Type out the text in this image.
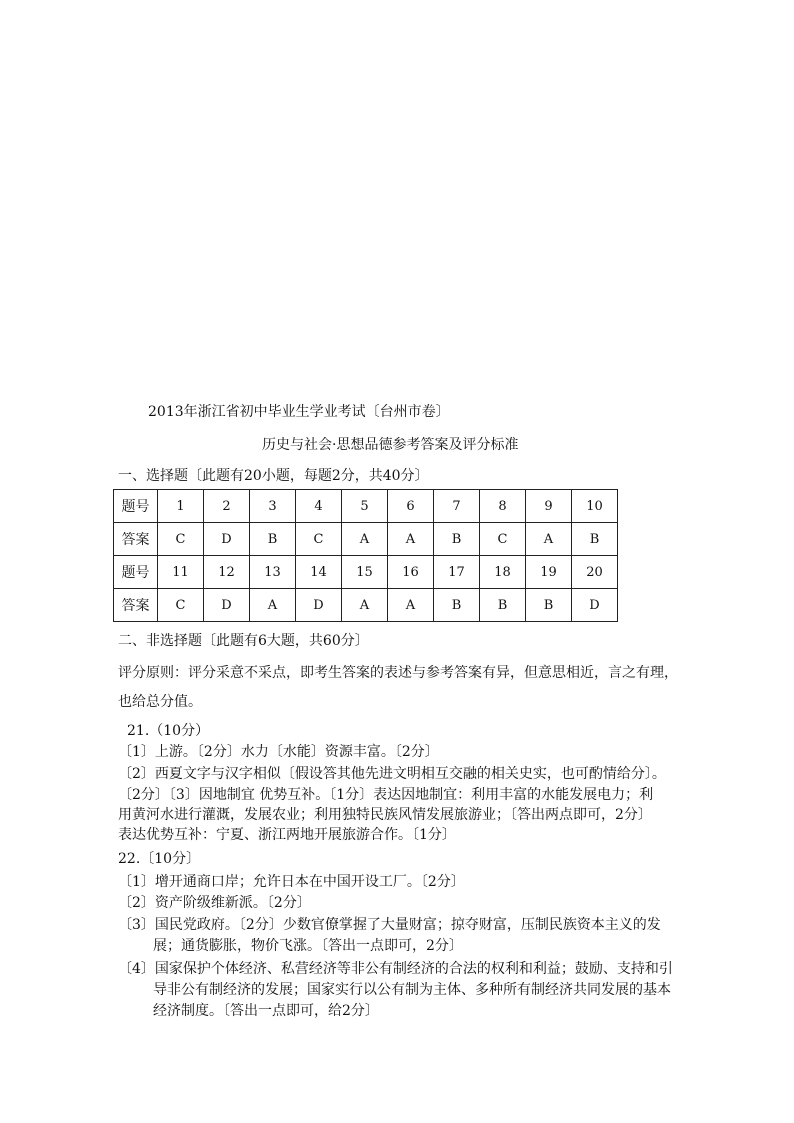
2013年浙江省初中毕业生学业考试〔台州市卷〕
历史与社会·思想品德参考答案及评分标准
一、选择题〔此题有20小题，每题2分，共40分〕
题号	1	2	3	4	5	6	7	8	9	10
答案	C	D	B	C	A	A	B	C	A	B
题号	11	12	13	14	15	16	17	18	19	20
答案	C	D	A	D	A	A	B	B	B	D
二、非选择题〔此题有6大题，共60分〕
评分原则：评分采意不采点，即考生答案的表述与参考答案有异，但意思相近，言之有理，
也给总分值。
21.（10分）
〔1〕上游。〔2分〕水力〔水能〕资源丰富。〔2分〕
〔2〕西夏文字与汉字相似〔假设答其他先进文明相互交融的相关史实，也可酌情给分〕。
〔2分〕〔3〕因地制宜 优势互补。〔1分〕表达因地制宜：利用丰富的水能发展电力；利
用黄河水进行灌溉，发展农业；利用独特民族风情发展旅游业；〔答出两点即可，2分〕
表达优势互补：宁夏、浙江两地开展旅游合作。〔1分〕
22.〔10分〕
〔1〕增开通商口岸；允许日本在中国开设工厂。〔2分〕
〔2〕资产阶级维新派。〔2分〕
〔3〕国民党政府。〔2分〕少数官僚掌握了大量财富；掠夺财富，压制民族资本主义的发
展；通货膨胀，物价飞涨。〔答出一点即可，2分〕
〔4〕国家保护个体经济、私营经济等非公有制经济的合法的权利和利益；鼓励、支持和引
导非公有制经济的发展；国家实行以公有制为主体、多种所有制经济共同发展的基本
经济制度。〔答出一点即可，给2分〕
